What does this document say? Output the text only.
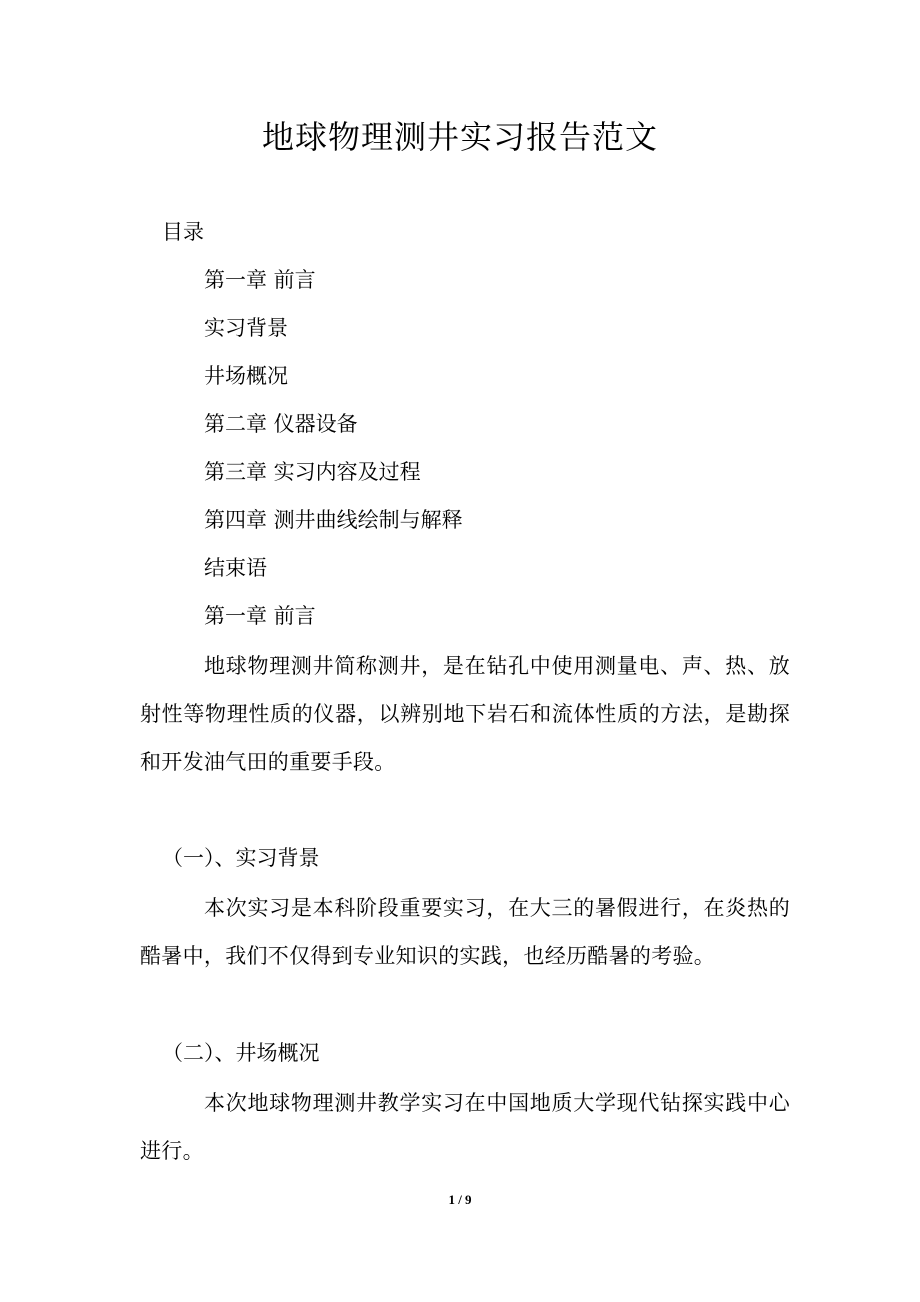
地球物理测井实习报告范文
目录
第一章 前言
实习背景
井场概况
第二章 仪器设备
第三章 实习内容及过程
第四章 测井曲线绘制与解释
结束语
第一章 前言
地球物理测井简称测井，是在钻孔中使用测量电、声、热、放射性等物理性质的仪器，以辨别地下岩石和流体性质的方法，是勘探和开发油气田的重要手段。
（一）、实习背景
本次实习是本科阶段重要实习，在大三的暑假进行，在炎热的酷暑中，我们不仅得到专业知识的实践，也经历酷暑的考验。
（二）、井场概况
本次地球物理测井教学实习在中国地质大学现代钻探实践中心进行。
1 / 9
